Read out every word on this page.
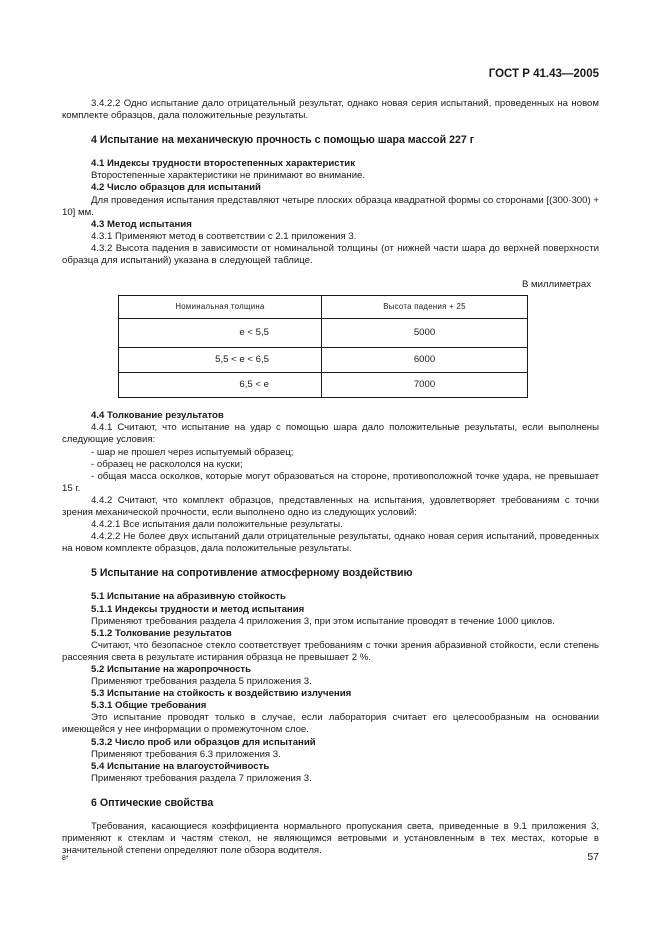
ГОСТ Р 41.43—2005

3.4.2.2 Одно испытание дало отрицательный результат, однако новая серия испытаний, проведенных на новом комплекте образцов, дала положительные результаты.

4 Испытание на механическую прочность с помощью шара массой 227 г

4.1 Индексы трудности второстепенных характеристик

Второстепенные характеристики не принимают во внимание.

4.2 Число образцов для испытаний

Для проведения испытания представляют четыре плоских образца квадратной формы со сторонами [(300·300) + 10] мм.

4.3 Метод испытания

4.3.1 Применяют метод в соответствии с 2.1 приложения 3.

4.3.2 Высота падения в зависимости от номинальной толщины (от нижней части шара до верхней поверхности образца для испытаний) указана в следующей таблице.

В миллиметрах

Номинальная толщина	Высота падения + 25
e < 5,5	5000
5,5 < e < 6,5	6000
6,5 < e	7000

4.4 Толкование результатов

4.4.1 Считают, что испытание на удар с помощью шара дало положительные результаты, если выполнены следующие условия:

- шар не прошел через испытуемый образец;

- образец не раскололся на куски;

- общая масса осколков, которые могут образоваться на стороне, противоположной точке удара, не превышает 15 г.

4.4.2 Считают, что комплект образцов, представленных на испытания, удовлетворяет требованиям с точки зрения механической прочности, если выполнено одно из следующих условий:

4.4.2.1 Все испытания дали положительные результаты.

4.4.2.2 Не более двух испытаний дали отрицательные результаты, однако новая серия испытаний, проведенных на новом комплекте образцов, дала положительные результаты.

5 Испытание на сопротивление атмосферному воздействию

5.1 Испытание на абразивную стойкость

5.1.1 Индексы трудности и метод испытания

Применяют требования раздела 4 приложения 3, при этом испытание проводят в течение 1000 циклов.

5.1.2 Толкование результатов

Считают, что безопасное стекло соответствует требованиям с точки зрения абразивной стойкости, если степень рассеяния света в результате истирания образца не превышает 2 %.

5.2 Испытание на жаропрочность

Применяют требования раздела 5 приложения 3.

5.3 Испытание на стойкость к воздействию излучения

5.3.1 Общие требования

Это испытание проводят только в случае, если лаборатория считает его целесообразным на основании имеющейся у нее информации о промежуточном слое.

5.3.2 Число проб или образцов для испытаний

Применяют требования 6.3 приложения 3.

5.4 Испытание на влагоустойчивость

Применяют требования раздела 7 приложения 3.

6 Оптические свойства

Требования, касающиеся коэффициента нормального пропускания света, приведенные в 9.1 приложения 3, применяют к стеклам и частям стекол, не являющимся ветровыми и установленным в тех местах, которые в значительной степени определяют поле обзора водителя.

8*	57
